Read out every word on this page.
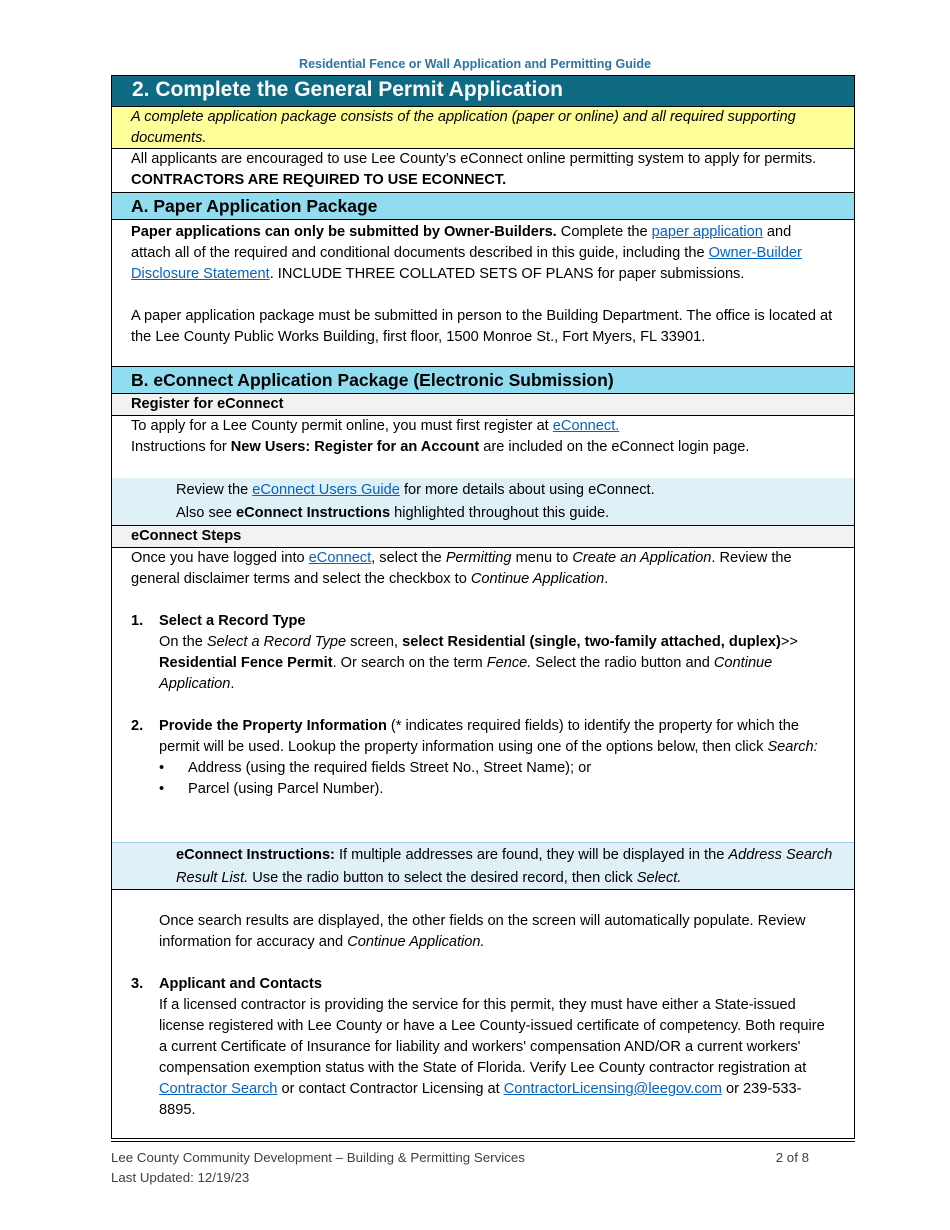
Residential Fence or Wall Application and Permitting Guide
2. Complete the General Permit Application
A complete application package consists of the application (paper or online) and all required supporting documents.
All applicants are encouraged to use Lee County’s eConnect online permitting system to apply for permits. CONTRACTORS ARE REQUIRED TO USE ECONNECT.
A. Paper Application Package

Paper applications can only be submitted by Owner-Builders. Complete the paper application and attach all of the required and conditional documents described in this guide, including the Owner-Builder Disclosure Statement. INCLUDE THREE COLLATED SETS OF PLANS for paper submissions.

A paper application package must be submitted in person to the Building Department. The office is located at the Lee County Public Works Building, first floor, 1500 Monroe St., Fort Myers, FL 33901.

B. eConnect Application Package (Electronic Submission)
Register for eConnect
To apply for a Lee County permit online, you must first register at eConnect.
Instructions for New Users: Register for an Account are included on the eConnect login page.
Review the eConnect Users Guide for more details about using eConnect.
Also see eConnect Instructions highlighted throughout this guide.
eConnect Steps
Once you have logged into eConnect, select the Permitting menu to Create an Application. Review the general disclaimer terms and select the checkbox to Continue Application.
1.	Select a Record Type
On the Select a Record Type screen, select Residential (single, two-family attached, duplex)>> Residential Fence Permit. Or search on the term Fence. Select the radio button and Continue Application.
2.	Provide the Property Information (* indicates required fields) to identify the property for which the permit will be used. Lookup the property information using one of the options below, then click Search:
•	Address (using the required fields Street No., Street Name); or
•	Parcel (using Parcel Number).
eConnect Instructions: If multiple addresses are found, they will be displayed in the Address Search Result List. Use the radio button to select the desired record, then click Select.
Once search results are displayed, the other fields on the screen will automatically populate. Review information for accuracy and Continue Application.
3.	Applicant and Contacts
If a licensed contractor is providing the service for this permit, they must have either a State-issued license registered with Lee County or have a Lee County-issued certificate of competency. Both require a current Certificate of Insurance for liability and workers' compensation AND/OR a current workers' compensation exemption status with the State of Florida. Verify Lee County contractor registration at Contractor Search or contact Contractor Licensing at ContractorLicensing@leegov.com or 239-533-8895.
Lee County Community Development – Building & Permitting Services
Last Updated: 12/19/23
2 of 8
